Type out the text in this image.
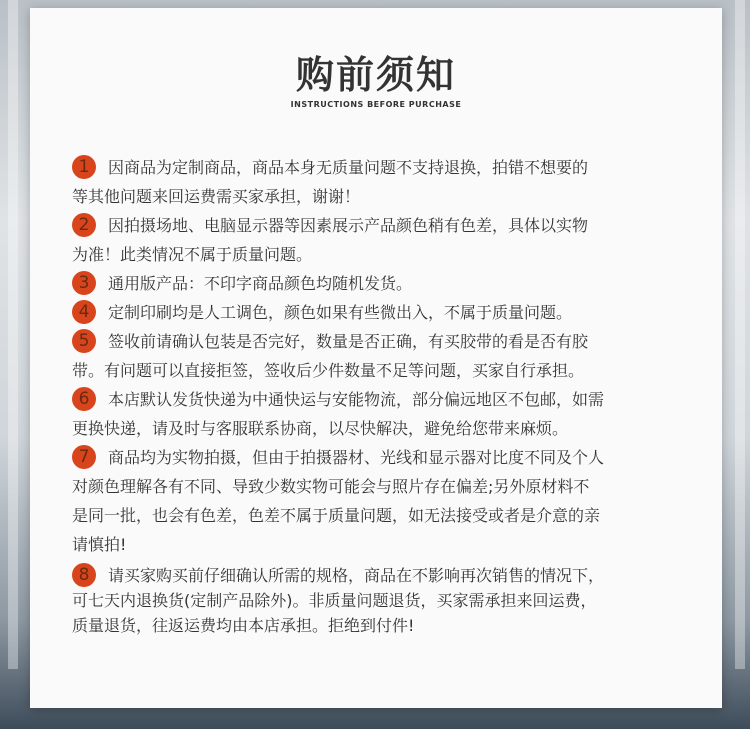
购前须知
INSTRUCTIONS BEFORE PURCHASE
1 因商品为定制商品，商品本身无质量问题不支持退换，拍错不想要的
等其他问题来回运费需买家承担，谢谢！
2 因拍摄场地、电脑显示器等因素展示产品颜色稍有色差，具体以实物
为准！此类情况不属于质量问题。
3 通用版产品：不印字商品颜色均随机发货。
4 定制印刷均是人工调色，颜色如果有些微出入，不属于质量问题。
5 签收前请确认包装是否完好，数量是否正确，有买胶带的看是否有胶
带。有问题可以直接拒签，签收后少件数量不足等问题，买家自行承担。
6 本店默认发货快递为中通快运与安能物流，部分偏远地区不包邮，如需
更换快递，请及时与客服联系协商，以尽快解决，避免给您带来麻烦。
7 商品均为实物拍摄，但由于拍摄器材、光线和显示器对比度不同及个人
对颜色理解各有不同、导致少数实物可能会与照片存在偏差;另外原材料不
是同一批，也会有色差，色差不属于质量问题，如无法接受或者是介意的亲
请慎拍!
8 请买家购买前仔细确认所需的规格，商品在不影响再次销售的情况下，
可七天内退换货(定制产品除外)。非质量问题退货，买家需承担来回运费，
质量退货，往返运费均由本店承担。拒绝到付件!
